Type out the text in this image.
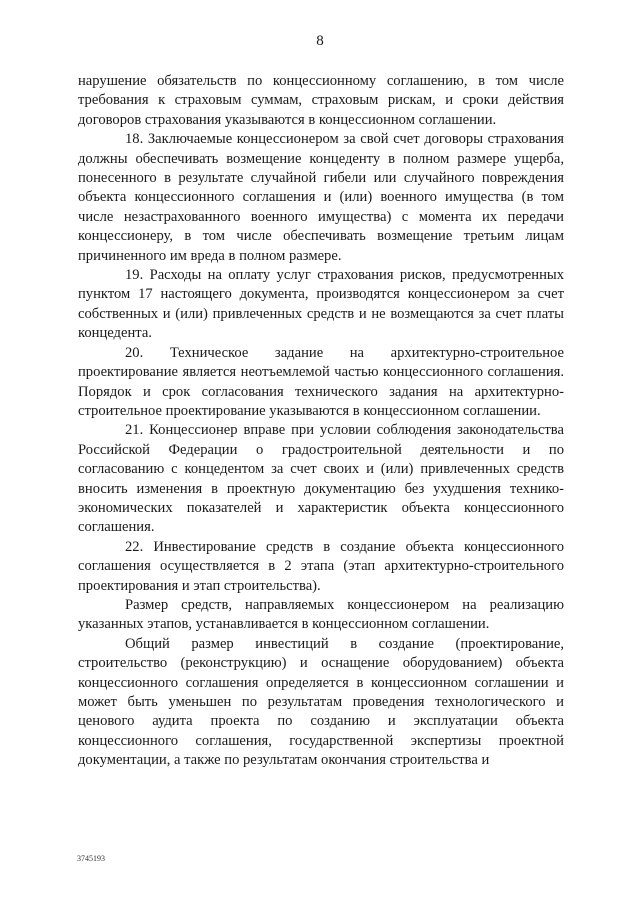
8

нарушение обязательств по концессионному соглашению, в том числе требования к страховым суммам, страховым рискам, и сроки действия договоров страхования указываются в концессионном соглашении.

18. Заключаемые концессионером за свой счет договоры страхования должны обеспечивать возмещение концеденту в полном размере ущерба, понесенного в результате случайной гибели или случайного повреждения объекта концессионного соглашения и (или) военного имущества (в том числе незастрахованного военного имущества) с момента их передачи концессионеру, в том числе обеспечивать возмещение третьим лицам причиненного им вреда в полном размере.

19. Расходы на оплату услуг страхования рисков, предусмотренных пунктом 17 настоящего документа, производятся концессионером за счет собственных и (или) привлеченных средств и не возмещаются за счет платы концедента.

20. Техническое задание на архитектурно-строительное проектирование является неотъемлемой частью концессионного соглашения. Порядок и срок согласования технического задания на архитектурно-строительное проектирование указываются в концессионном соглашении.

21. Концессионер вправе при условии соблюдения законодательства Российской Федерации о градостроительной деятельности и по согласованию с концедентом за счет своих и (или) привлеченных средств вносить изменения в проектную документацию без ухудшения технико-экономических показателей и характеристик объекта концессионного соглашения.

22. Инвестирование средств в создание объекта концессионного соглашения осуществляется в 2 этапа (этап архитектурно-строительного проектирования и этап строительства).

Размер средств, направляемых концессионером на реализацию указанных этапов, устанавливается в концессионном соглашении.

Общий размер инвестиций в создание (проектирование, строительство (реконструкцию) и оснащение оборудованием) объекта концессионного соглашения определяется в концессионном соглашении и может быть уменьшен по результатам проведения технологического и ценового аудита проекта по созданию и эксплуатации объекта концессионного соглашения, государственной экспертизы проектной документации, а также по результатам окончания строительства и

3745193
